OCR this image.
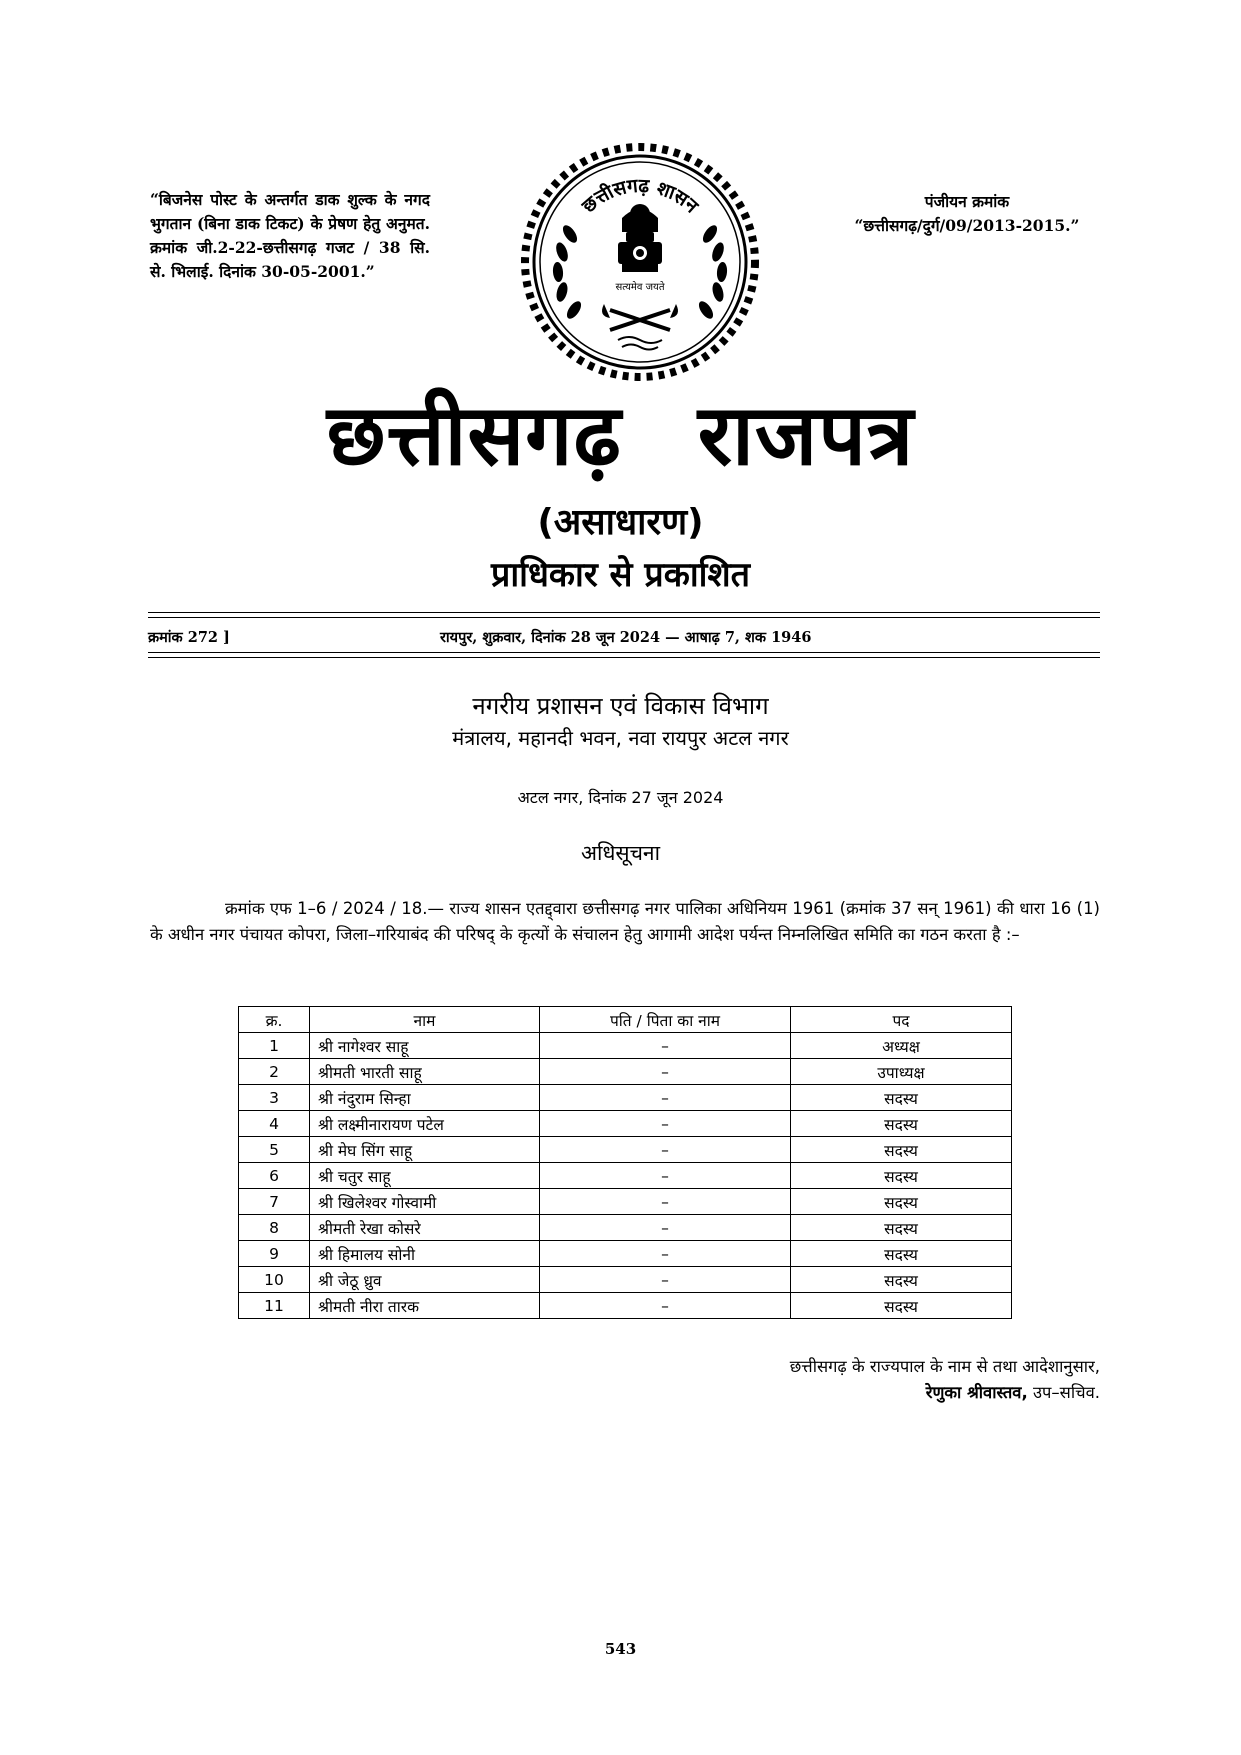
“बिजनेस पोस्ट के अन्तर्गत डाक शुल्क के नगद भुगतान (बिना डाक टिकट) के प्रेषण हेतु अनुमत. क्रमांक जी.2-22-छत्तीसगढ़ गजट / 38 सि. से. भिलाई. दिनांक 30-05-2001.”
पंजीयन क्रमांक
“छत्तीसगढ़/दुर्ग/09/2013-2015.”
छत्तीसगढ़ शासन
सत्यमेव जयते
छत्तीसगढ़ राजपत्र
(असाधारण)
प्राधिकार से प्रकाशित
क्रमांक 272 ]	रायपुर, शुक्रवार, दिनांक 28 जून 2024 — आषाढ़ 7, शक 1946
नगरीय प्रशासन एवं विकास विभाग
मंत्रालय, महानदी भवन, नवा रायपुर अटल नगर
अटल नगर, दिनांक 27 जून 2024
अधिसूचना
क्रमांक एफ 1–6 / 2024 / 18.— राज्य शासन एतद्द्वारा छत्तीसगढ़ नगर पालिका अधिनियम 1961 (क्रमांक 37 सन् 1961) की धारा 16 (1) के अधीन नगर पंचायत कोपरा, जिला–गरियाबंद की परिषद् के कृत्यों के संचालन हेतु आगामी आदेश पर्यन्त निम्नलिखित समिति का गठन करता है :–
क्र.	नाम	पति / पिता का नाम	पद
1	श्री नागेश्वर साहू	–	अध्यक्ष
2	श्रीमती भारती साहू	–	उपाध्यक्ष
3	श्री नंदुराम सिन्हा	–	सदस्य
4	श्री लक्ष्मीनारायण पटेल	–	सदस्य
5	श्री मेघ सिंग साहू	–	सदस्य
6	श्री चतुर साहू	–	सदस्य
7	श्री खिलेश्वर गोस्वामी	–	सदस्य
8	श्रीमती रेखा कोसरे	–	सदस्य
9	श्री हिमालय सोनी	–	सदस्य
10	श्री जेठू ध्रुव	–	सदस्य
11	श्रीमती नीरा तारक	–	सदस्य
छत्तीसगढ़ के राज्यपाल के नाम से तथा आदेशानुसार,
रेणुका श्रीवास्तव, उप–सचिव.
543
